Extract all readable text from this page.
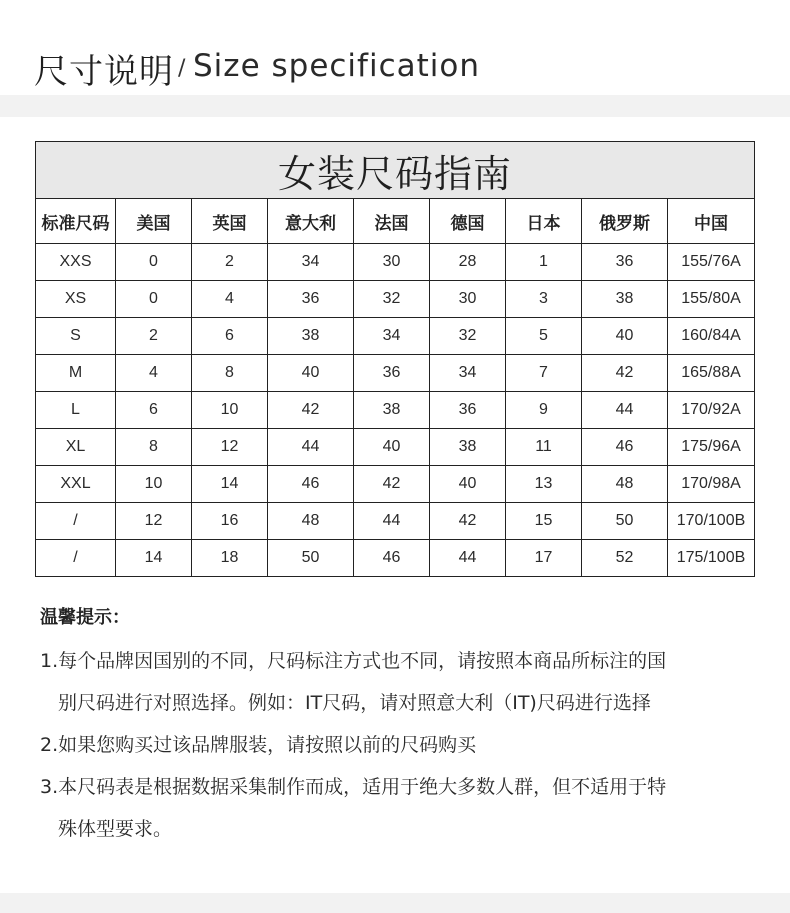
尺寸说明 / Size specification
女装尺码指南								
标准尺码	美国	英国	意大利	法国	德国	日本	俄罗斯	中国
XXS	0	2	34	30	28	1	36	155/76A
XS	0	4	36	32	30	3	38	155/80A
S	2	6	38	34	32	5	40	160/84A
M	4	8	40	36	34	7	42	165/88A
L	6	10	42	38	36	9	44	170/92A
XL	8	12	44	40	38	11	46	175/96A
XXL	10	14	46	42	40	13	48	170/98A
/	12	16	48	44	42	15	50	170/100B
/	14	18	50	46	44	17	52	175/100B
温馨提示：
1.每个品牌因国别的不同，尺码标注方式也不同，请按照本商品所标注的国
别尺码进行对照选择。例如：IT尺码，请对照意大利（IT)尺码进行选择
2.如果您购买过该品牌服装，请按照以前的尺码购买
3.本尺码表是根据数据采集制作而成，适用于绝大多数人群，但不适用于特
殊体型要求。
